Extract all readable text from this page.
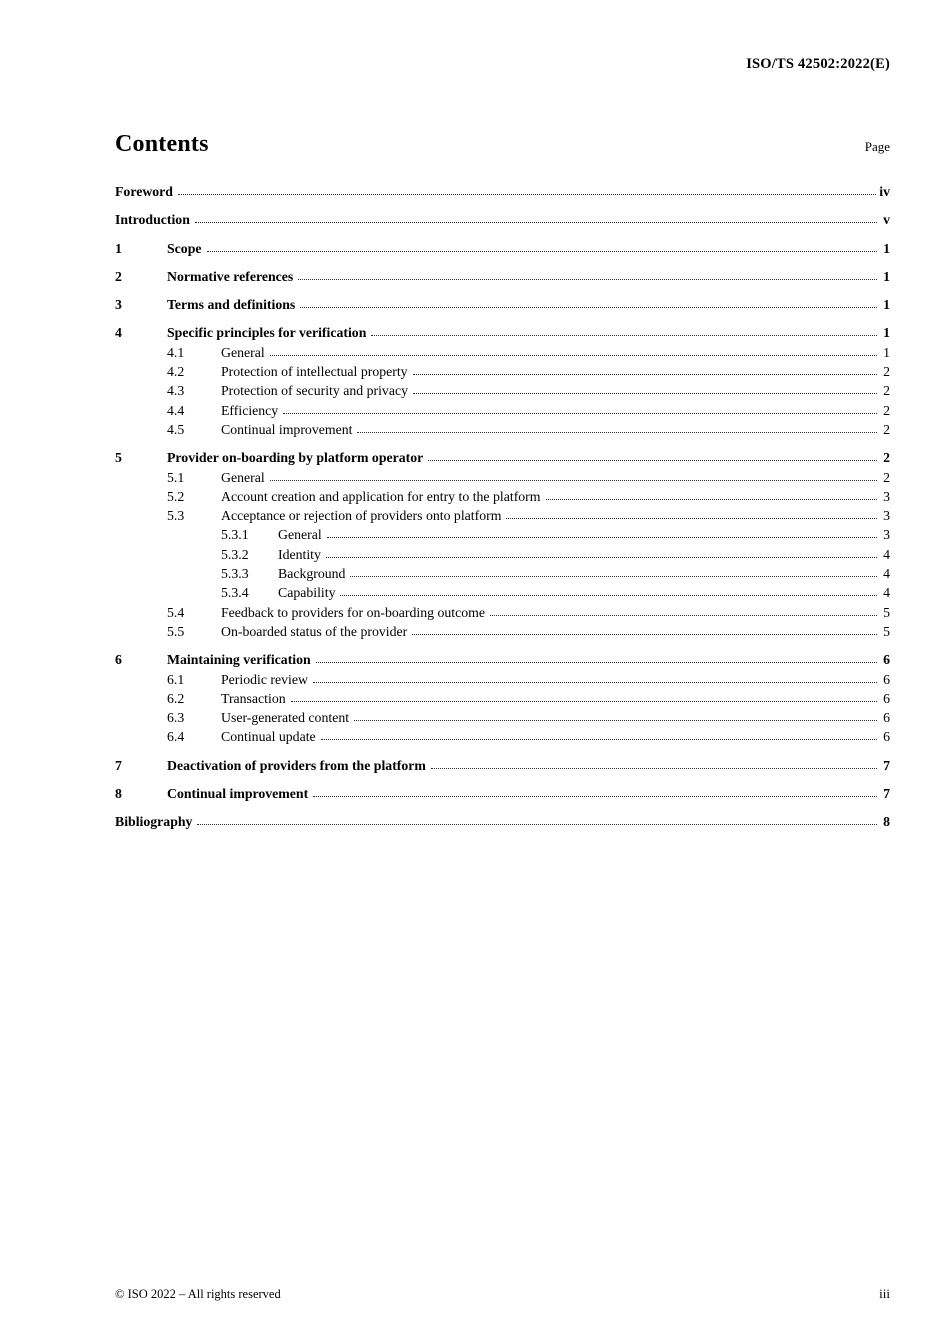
ISO/TS 42502:2022(E)
Contents	Page
Foreword	iv
Introduction	v
1	Scope	1
2	Normative references	1
3	Terms and definitions	1
4	Specific principles for verification	1
4.1	General	1
4.2	Protection of intellectual property	2
4.3	Protection of security and privacy	2
4.4	Efficiency	2
4.5	Continual improvement	2
5	Provider on-boarding by platform operator	2
5.1	General	2
5.2	Account creation and application for entry to the platform	3
5.3	Acceptance or rejection of providers onto platform	3
5.3.1	General	3
5.3.2	Identity	4
5.3.3	Background	4
5.3.4	Capability	4
5.4	Feedback to providers for on-boarding outcome	5
5.5	On-boarded status of the provider	5
6	Maintaining verification	6
6.1	Periodic review	6
6.2	Transaction	6
6.3	User-generated content	6
6.4	Continual update	6
7	Deactivation of providers from the platform	7
8	Continual improvement	7
Bibliography	8
© ISO 2022 – All rights reserved	iii
